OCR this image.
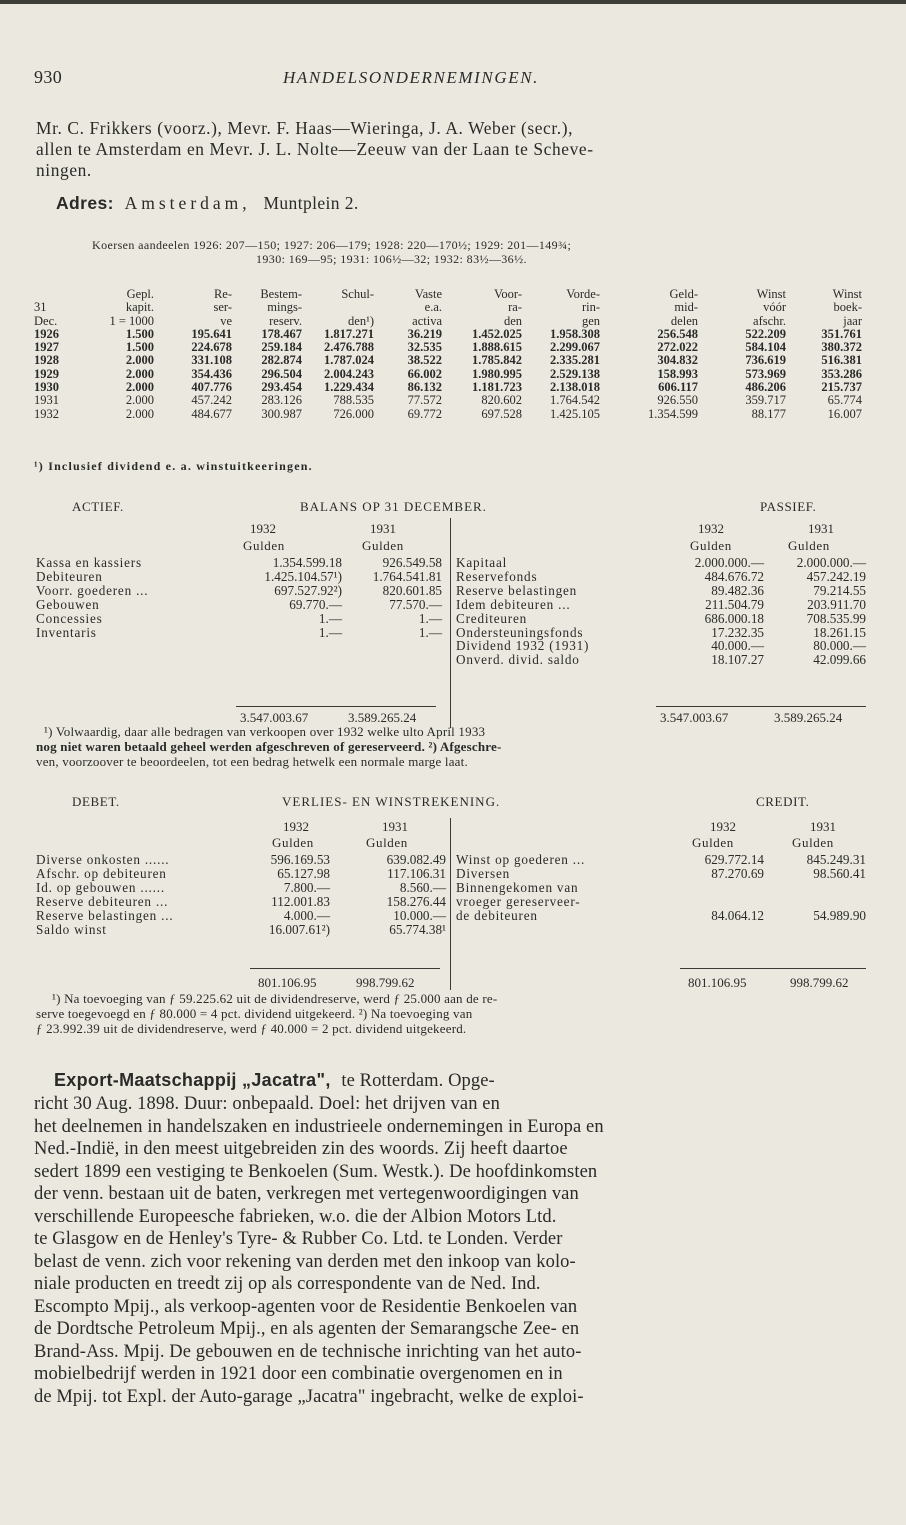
930	HANDELSONDERNEMINGEN.
Mr. C. Frikkers (voorz.), Mevr. F. Haas—Wieringa, J. A. Weber (secr.),
allen te Amsterdam en Mevr. J. L. Nolte—Zeeuw van der Laan te Scheve-
ningen.
Adres: Amsterdam, Muntplein 2.
Koersen aandeelen 1926: 207—150; 1927: 206—179; 1928: 220—170½; 1929: 201—149¾;
1930: 169—95; 1931: 106½—32; 1932: 83½—36½.
	Gepl.	Re-	Bestem-	Schul-	Vaste	Voor-	Vorde-	Geld-	Winst	Winst
31	kapit.	ser-	mings-		e.a.	ra-	rin-	mid-	vóór	boek-
Dec.	1 = 1000	ve	reserv.	den¹)	activa	den	gen	delen	afschr.	jaar
1926	1.500	195.641	178.467	1.817.271	36.219	1.452.025	1.958.308	256.548	522.209	351.761
1927	1.500	224.678	259.184	2.476.788	32.535	1.888.615	2.299.067	272.022	584.104	380.372
1928	2.000	331.108	282.874	1.787.024	38.522	1.785.842	2.335.281	304.832	736.619	516.381
1929	2.000	354.436	296.504	2.004.243	66.002	1.980.995	2.529.138	158.993	573.969	353.286
1930	2.000	407.776	293.454	1.229.434	86.132	1.181.723	2.138.018	606.117	486.206	215.737
1931	2.000	457.242	283.126	788.535	77.572	820.602	1.764.542	926.550	359.717	65.774
1932	2.000	484.677	300.987	726.000	69.772	697.528	1.425.105	1.354.599	88.177	16.007
¹) Inclusief dividend e. a. winstuitkeeringen.
ACTIEF.	BALANS OP 31 DECEMBER.	PASSIEF.
1932	1931
Gulden	Gulden
1932	1931
Gulden	Gulden
Kassa en kassiers	1.354.599.18	926.549.58
Debiteuren	1.425.104.57¹)	1.764.541.81
Voorr. goederen ...	697.527.92²)	820.601.85
Gebouwen	69.770.—	77.570.—
Concessies	1.—	1.—
Inventaris	1.—	1.—
Kapitaal	2.000.000.—	2.000.000.—
Reservefonds	484.676.72	457.242.19
Reserve belastingen	89.482.36	79.214.55
Idem debiteuren ...	211.504.79	203.911.70
Crediteuren	686.000.18	708.535.99
Ondersteuningsfonds	17.232.35	18.261.15
Dividend 1932 (1931)	40.000.—	80.000.—
Onverd. divid. saldo	18.107.27	42.099.66
3.547.003.67	3.589.265.24	3.547.003.67	3.589.265.24
¹) Volwaardig, daar alle bedragen van verkoopen over 1932 welke ulto April 1933
nog niet waren betaald geheel werden afgeschreven of gereserveerd. ²) Afgeschre-
ven, voorzoover te beoordeelen, tot een bedrag hetwelk een normale marge laat.
DEBET.	VERLIES- EN WINSTREKENING.	CREDIT.
1932	1931
Gulden	Gulden
1932	1931
Gulden	Gulden
Diverse onkosten ......	596.169.53	639.082.49
Afschr. op debiteuren	65.127.98	117.106.31
Id. op gebouwen ......	7.800.—	8.560.—
Reserve debiteuren ...	112.001.83	158.276.44
Reserve belastingen ...	4.000.—	10.000.—
Saldo winst	16.007.61²)	65.774.38¹
Winst op goederen ...	629.772.14	845.249.31
Diversen	87.270.69	98.560.41
Binnengekomen van		
vroeger gereserveer-		
de debiteuren	84.064.12	54.989.90
801.106.95	998.799.62	801.106.95	998.799.62
¹) Na toevoeging van ƒ 59.225.62 uit de dividendreserve, werd ƒ 25.000 aan de re-
serve toegevoegd en ƒ 80.000 = 4 pct. dividend uitgekeerd. ²) Na toevoeging van
ƒ 23.992.39 uit de dividendreserve, werd ƒ 40.000 = 2 pct. dividend uitgekeerd.
Export-Maatschappij „Jacatra", te Rotterdam. Opge-
richt 30 Aug. 1898. Duur: onbepaald. Doel: het drijven van en
het deelnemen in handelszaken en industrieele ondernemingen in Europa en
Ned.-Indië, in den meest uitgebreiden zin des woords. Zij heeft daartoe
sedert 1899 een vestiging te Benkoelen (Sum. Westk.). De hoofdinkomsten
der venn. bestaan uit de baten, verkregen met vertegenwoordigingen van
verschillende Europeesche fabrieken, w.o. die der Albion Motors Ltd.
te Glasgow en de Henley's Tyre- & Rubber Co. Ltd. te Londen. Verder
belast de venn. zich voor rekening van derden met den inkoop van kolo-
niale producten en treedt zij op als correspondente van de Ned. Ind.
Escompto Mpij., als verkoop-agenten voor de Residentie Benkoelen van
de Dordtsche Petroleum Mpij., en als agenten der Semarangsche Zee- en
Brand-Ass. Mpij. De gebouwen en de technische inrichting van het auto-
mobielbedrijf werden in 1921 door een combinatie overgenomen en in
de Mpij. tot Expl. der Auto-garage „Jacatra" ingebracht, welke de exploi-
